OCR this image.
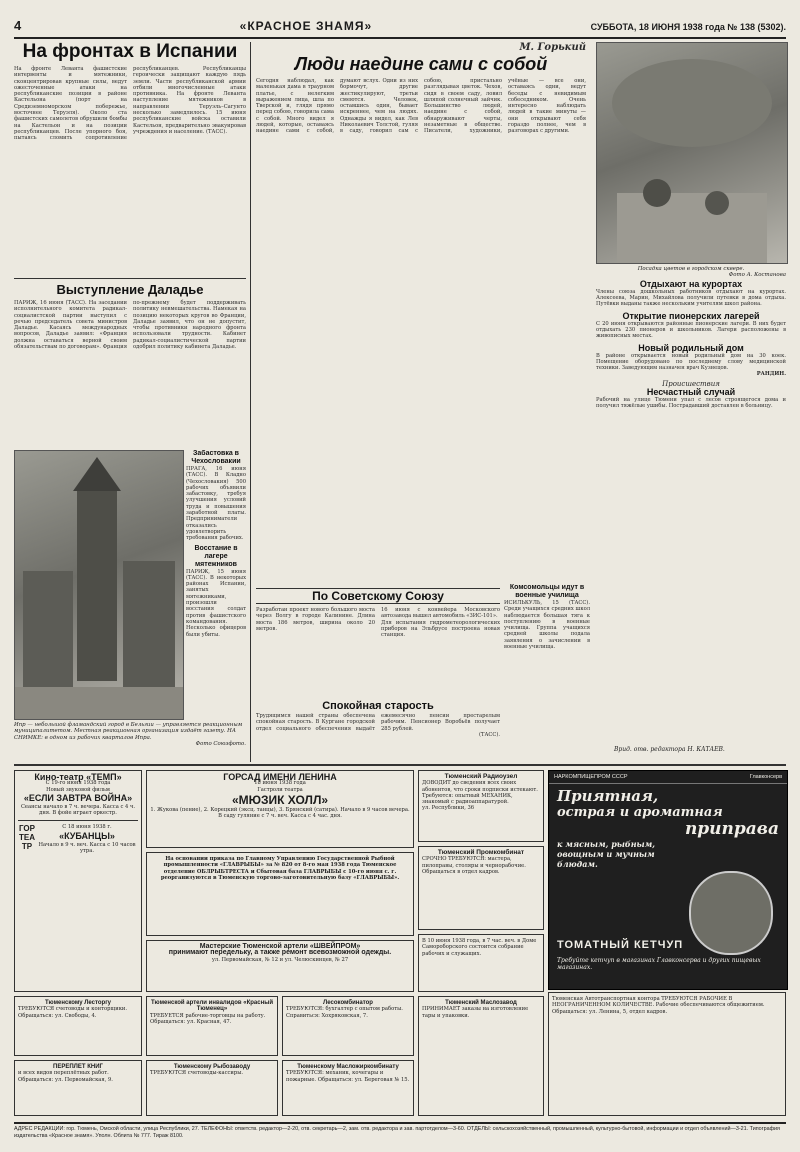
4	«КРАСНОЕ ЗНАМЯ»	СУББОТА, 18 ИЮНЯ 1938 года № 138 (5302).
На фронтах в Испании
На фронте Леванта фашистские интервенты и мятежники, сконцентрировав крупные силы, ведут ожесточенные атаки на республиканские позиции в районе Кастельона (порт на Средиземноморском побережье, восточнее Теруэля). Около ста фашистских самолетов обрушили бомбы на Кастельон и на позиции республиканцев. После упорного боя, пытаясь сломить сопротивление республиканцев. Республиканцы героически защищают каждую пядь земли. Части республиканской армии отбили многочисленные атаки противника. На фронте Леванта наступление мятежников в направлении Теруэль–Сагунто несколько замедлилось. 15 июня республиканские войска оставили Кастельон, предварительно эвакуировав учреждения и население. (ТАСС).
Выступление Даладье
ПАРИЖ, 16 июня (ТАСС). На заседании исполнительного комитета радикал-социалистской партии выступил с речью председатель совета министров Даладье. Касаясь международных вопросов, Даладье заявил: «Франция должна оставаться верной своим обязательствам по договорам». Франция по-прежнему будет поддерживать политику невмешательства. Намекая на позицию некоторых кругов во Франции, Даладье заявил, что он не допустит, чтобы противники народного фронта использовали трудности. Кабинет радикал-социалистической партии одобрил политику кабинета Даладье.
Ипр — небольшой фламандский город в Бельгии — управляется реакционным муниципалитетом. Местная реакционная организация издаёт газету. НА СНИМКЕ: в одном из рабочих кварталов Ипра.
Фото Союзфото.
Забастовка в Чехословакии
ПРАГА, 16 июня (ТАСС). В Кладно (Чехословакия) 500 рабочих объявили забастовку, требуя улучшения условий труда и повышения заработной платы. Предприниматели отказались удовлетворить требования рабочих.
Восстание в лагере мятежников
ПАРИЖ, 15 июня (ТАСС). В некоторых районах Испании, занятых мятежниками, произошли восстания солдат против фашистского командования. Несколько офицеров были убиты.
М. Горький
Люди наедине сами с собой
Сегодня наблюдал, как маленькая дама в траурном платье, с нелегким выражением лица, шла по Тверской и, глядя прямо перед собою, говорила сама с собой. Много видел я людей, которые, оставаясь наедине сами с собой, думают вслух. Одни из них бормочут, другие жестикулируют, третьи смеются. Человек, оставшись один, бывает искреннее, чем на людях. Однажды я видел, как Лев Николаевич Толстой, гуляя в саду, говорил сам с собою, пристально разглядывая цветок. Чехов, сидя в своем саду, ловил шляпой солнечный зайчик. Большинство людей, наедине с собой, обнаруживают черты, незаметные в обществе. Писатели, художники, учёные — все они, оставаясь одни, ведут беседы с невидимым собеседником. Очень интересно наблюдать людей в такие минуты — они открывают себя гораздо полнее, чем в разговорах с другими.
Посадка цветов в городском сквере.
Фото А. Костанова
Отдыхают на курортах
Члены союза дошкольных работников отдыхают на курортах. Алексеева, Марин, Михайлова получили путевки в дома отдыха. Путёвки выданы также нескольким учителям школ района.
Открытие пионерских лагерей
С 20 июня открываются районные пионерские лагери. В них будет отдыхать 230 пионеров и школьников. Лагери расположены в живописных местах.
Новый родильный дом
В районе открывается новый родильный дом на 30 коек. Помещение оборудовано по последнему слову медицинской техники. Заведующим назначен врач Кузнецов.
РАНДИН.
Происшествия
Несчастный случай
Рабочий на улице Тюмени упал с лесов строящегося дома и получил тяжёлые ушибы. Пострадавший доставлен в больницу.
Комсомольцы идут в военные училища
ИСИЛЬКУЛЬ, 15 (ТАСС). Среди учащихся средних школ наблюдается большая тяга к поступлению в военные училища. Группа учащихся средней школы подала заявления о зачислении в военные училища.
По Советскому Союзу
Разработан проект нового большого моста через Волгу в городе Калинине. Длина моста 186 метров, ширина около 20 метров.
16 июня с конвейера Московского автозавода вышел автомобиль «ЗИС-101».
Для испытания гидрометеорологических приборов на Эльбрусе построена новая станция.
Спокойная старость
Трудящимся нашей страны обеспечена спокойная старость. В Кургане городской отдел социального обеспечения выдаёт ежемесячно пенсии престарелым рабочим. Пенсионер Воробьёв получает 285 рублей.
(ТАСС).
Врид. отв. редактора Н. КАТАЕВ.
Кино-театр «ТЕМП»
С 19-го июня 1938 года
Новый звуковой фильм
«ЕСЛИ ЗАВТРА ВОЙНА»
Сеансы начало в 7 ч. вечера. Касса с 4 ч. дня. В фойе играет оркестр.
ГОР ТЕАТР
С 18 июня 1938 г.
«КУБАНЦЫ»
Начало в 9 ч. веч. Касса с 10 часов утра.
ГОРСАД ИМЕНИ ЛЕНИНА
18 июня 1938 года
Гастроли театра
«МЮЗИК ХОЛЛ»
1. Жукова (пение), 2. Корецкий (эксц. танцы), 3. Брянский (сатира). Начало в 9 часов вечера. В саду гуляние с 7 ч. веч. Касса с 4 час. дня.
На основании приказа по Главному Управлению Государственной Рыбной промышленности «ГЛАВРЫБЫ» за № 820 от 8-го мая 1938 года Тюменское отделение ОБЛРЫБТРЕСТА и Сбытовая база ГЛАВРЫБЫ с 10-го июня с. г. реорганизуются в Тюменскую торгово-заготовительную базу «ГЛАВРЫБЫ».
Мастерские Тюменской артели «ШВЕЙПРОМ»
принимают передельку, а также ремонт всевозможной одежды.
ул. Первомайская, № 12 и ул. Челюскинцев, № 27
Тюменский Радиоузел
ДОВОДИТ до сведения всех своих абонентов, что сроки подписки истекают. Требуются: опытный МЕХАНИК, знакомый с радиоаппаратурой.
ул. Республики, 36
Тюменский Промкомбинат
СРОЧНО ТРЕБУЮТСЯ: мастера, пилоправы, столяры и чернорабочие. Обращаться в отдел кадров.
В 10 июня 1938 года, в 7 час. веч. в Доме Самороборского состоится собрание рабочих и служащих.
НАРКОМПИЩЕПРОМ СССР	Главконсерв
Приятная,
острая и ароматная
приправа
к мясным, рыбным, овощным и мучным блюдам.
ТОМАТНЫЙ КЕТЧУП
Требуйте кетчуп в магазинах Главконсерва и других пищевых магазинах.
Тюменская Автотранспортная контора ТРЕБУЮТСЯ РАБОЧИЕ В НЕОГРАНИЧЕННОМ КОЛИЧЕСТВЕ. Рабочие обеспечиваются общежитием. Обращаться: ул. Ленина, 5, отдел кадров.
Тюменскому Лесторгу
ТРЕБУЮТСЯ счетоводы и конторщики. Обращаться: ул. Свободы, 4.
ПЕРЕПЛЕТ КНИГ
и всех видов переплётных работ. Обращаться: ул. Первомайская, 9.
Тюменской артели инвалидов «Красный Тюменец»
ТРЕБУЕТСЯ рабочие-торговцы на работу. Обращаться: ул. Красная, 47.
Тюменскому Рыбозаводу
ТРЕБУЮТСЯ счетоводы-кассиры.
Лесокомбинатор
ТРЕБУЮТСЯ: бухгалтер с опытом работы. Справиться: Хохряковская, 7.
Тюменскому Масложиркомбинату
ТРЕБУЮТСЯ: механик, кочегары и пожарные. Обращаться: ул. Береговая № 15.
Тюменский Маслозавод
ПРИНИМАЕТ заказы на изготовление тары и упаковки.
АДРЕС РЕДАКЦИИ: гор. Тюмень, Омской области, улица Республики, 27. ТЕЛЕФОНЫ: ответств. редактор—2-20, отв. секретарь—2, зам. отв. редактора и зав. партотделом—3-60. ОТДЕЛЫ: сельскохозяйственный, промышленный, культурно-бытовой, информации и отдел объявлений—3-21. Типография издательства «Красное знамя». Уполн. Облита № 777. Тираж 8100.
